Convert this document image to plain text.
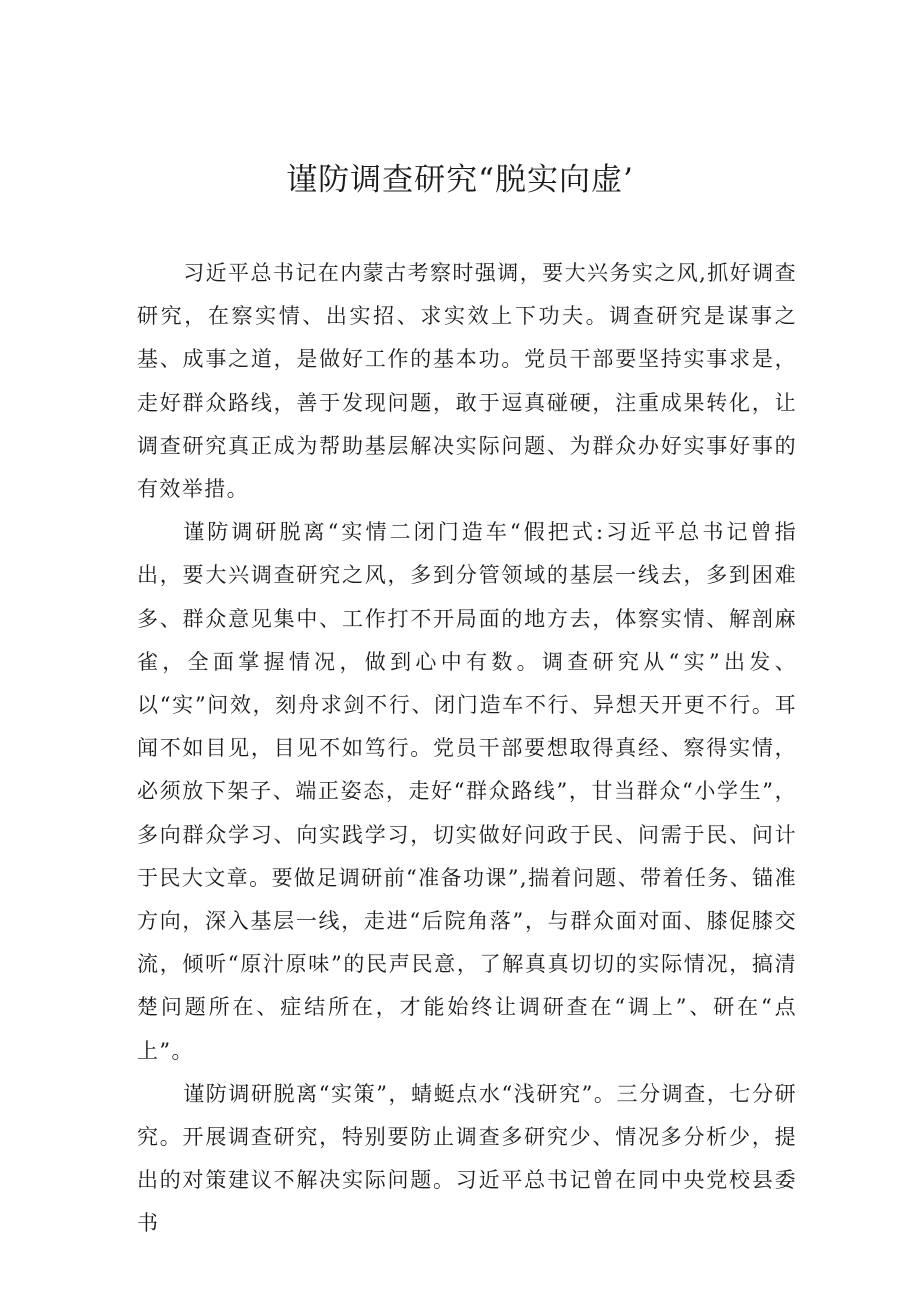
谨防调查研究“脱实向虚’

习近平总书记在内蒙古考察时强调，要大兴务实之风,抓好调查研究，在察实情、出实招、求实效上下功夫。调查研究是谋事之基、成事之道，是做好工作的基本功。党员干部要坚持实事求是，走好群众路线，善于发现问题，敢于逗真碰硬，注重成果转化，让调查研究真正成为帮助基层解决实际问题、为群众办好实事好事的有效举措。

谨防调研脱离“实情二闭门造车“假把式:习近平总书记曾指出，要大兴调查研究之风，多到分管领域的基层一线去，多到困难多、群众意见集中、工作打不开局面的地方去，体察实情、解剖麻雀，全面掌握情况，做到心中有数。调查研究从“实”出发、以“实”问效，刻舟求剑不行、闭门造车不行、异想天开更不行。耳闻不如目见，目见不如笃行。党员干部要想取得真经、察得实情，必须放下架子、端正姿态，走好“群众路线”，甘当群众“小学生”，多向群众学习、向实践学习，切实做好问政于民、问需于民、问计于民大文章。要做足调研前“准备功课”,揣着问题、带着任务、锚准方向，深入基层一线，走进“后院角落”，与群众面对面、膝促膝交流，倾听“原汁原味”的民声民意，了解真真切切的实际情况，搞清楚问题所在、症结所在，才能始终让调研查在“调上”、研在“点上”。

谨防调研脱离“实策”，蜻蜓点水“浅研究”。三分调查，七分研究。开展调查研究，特别要防止调查多研究少、情况多分析少，提出的对策建议不解决实际问题。习近平总书记曾在同中央党校县委书
